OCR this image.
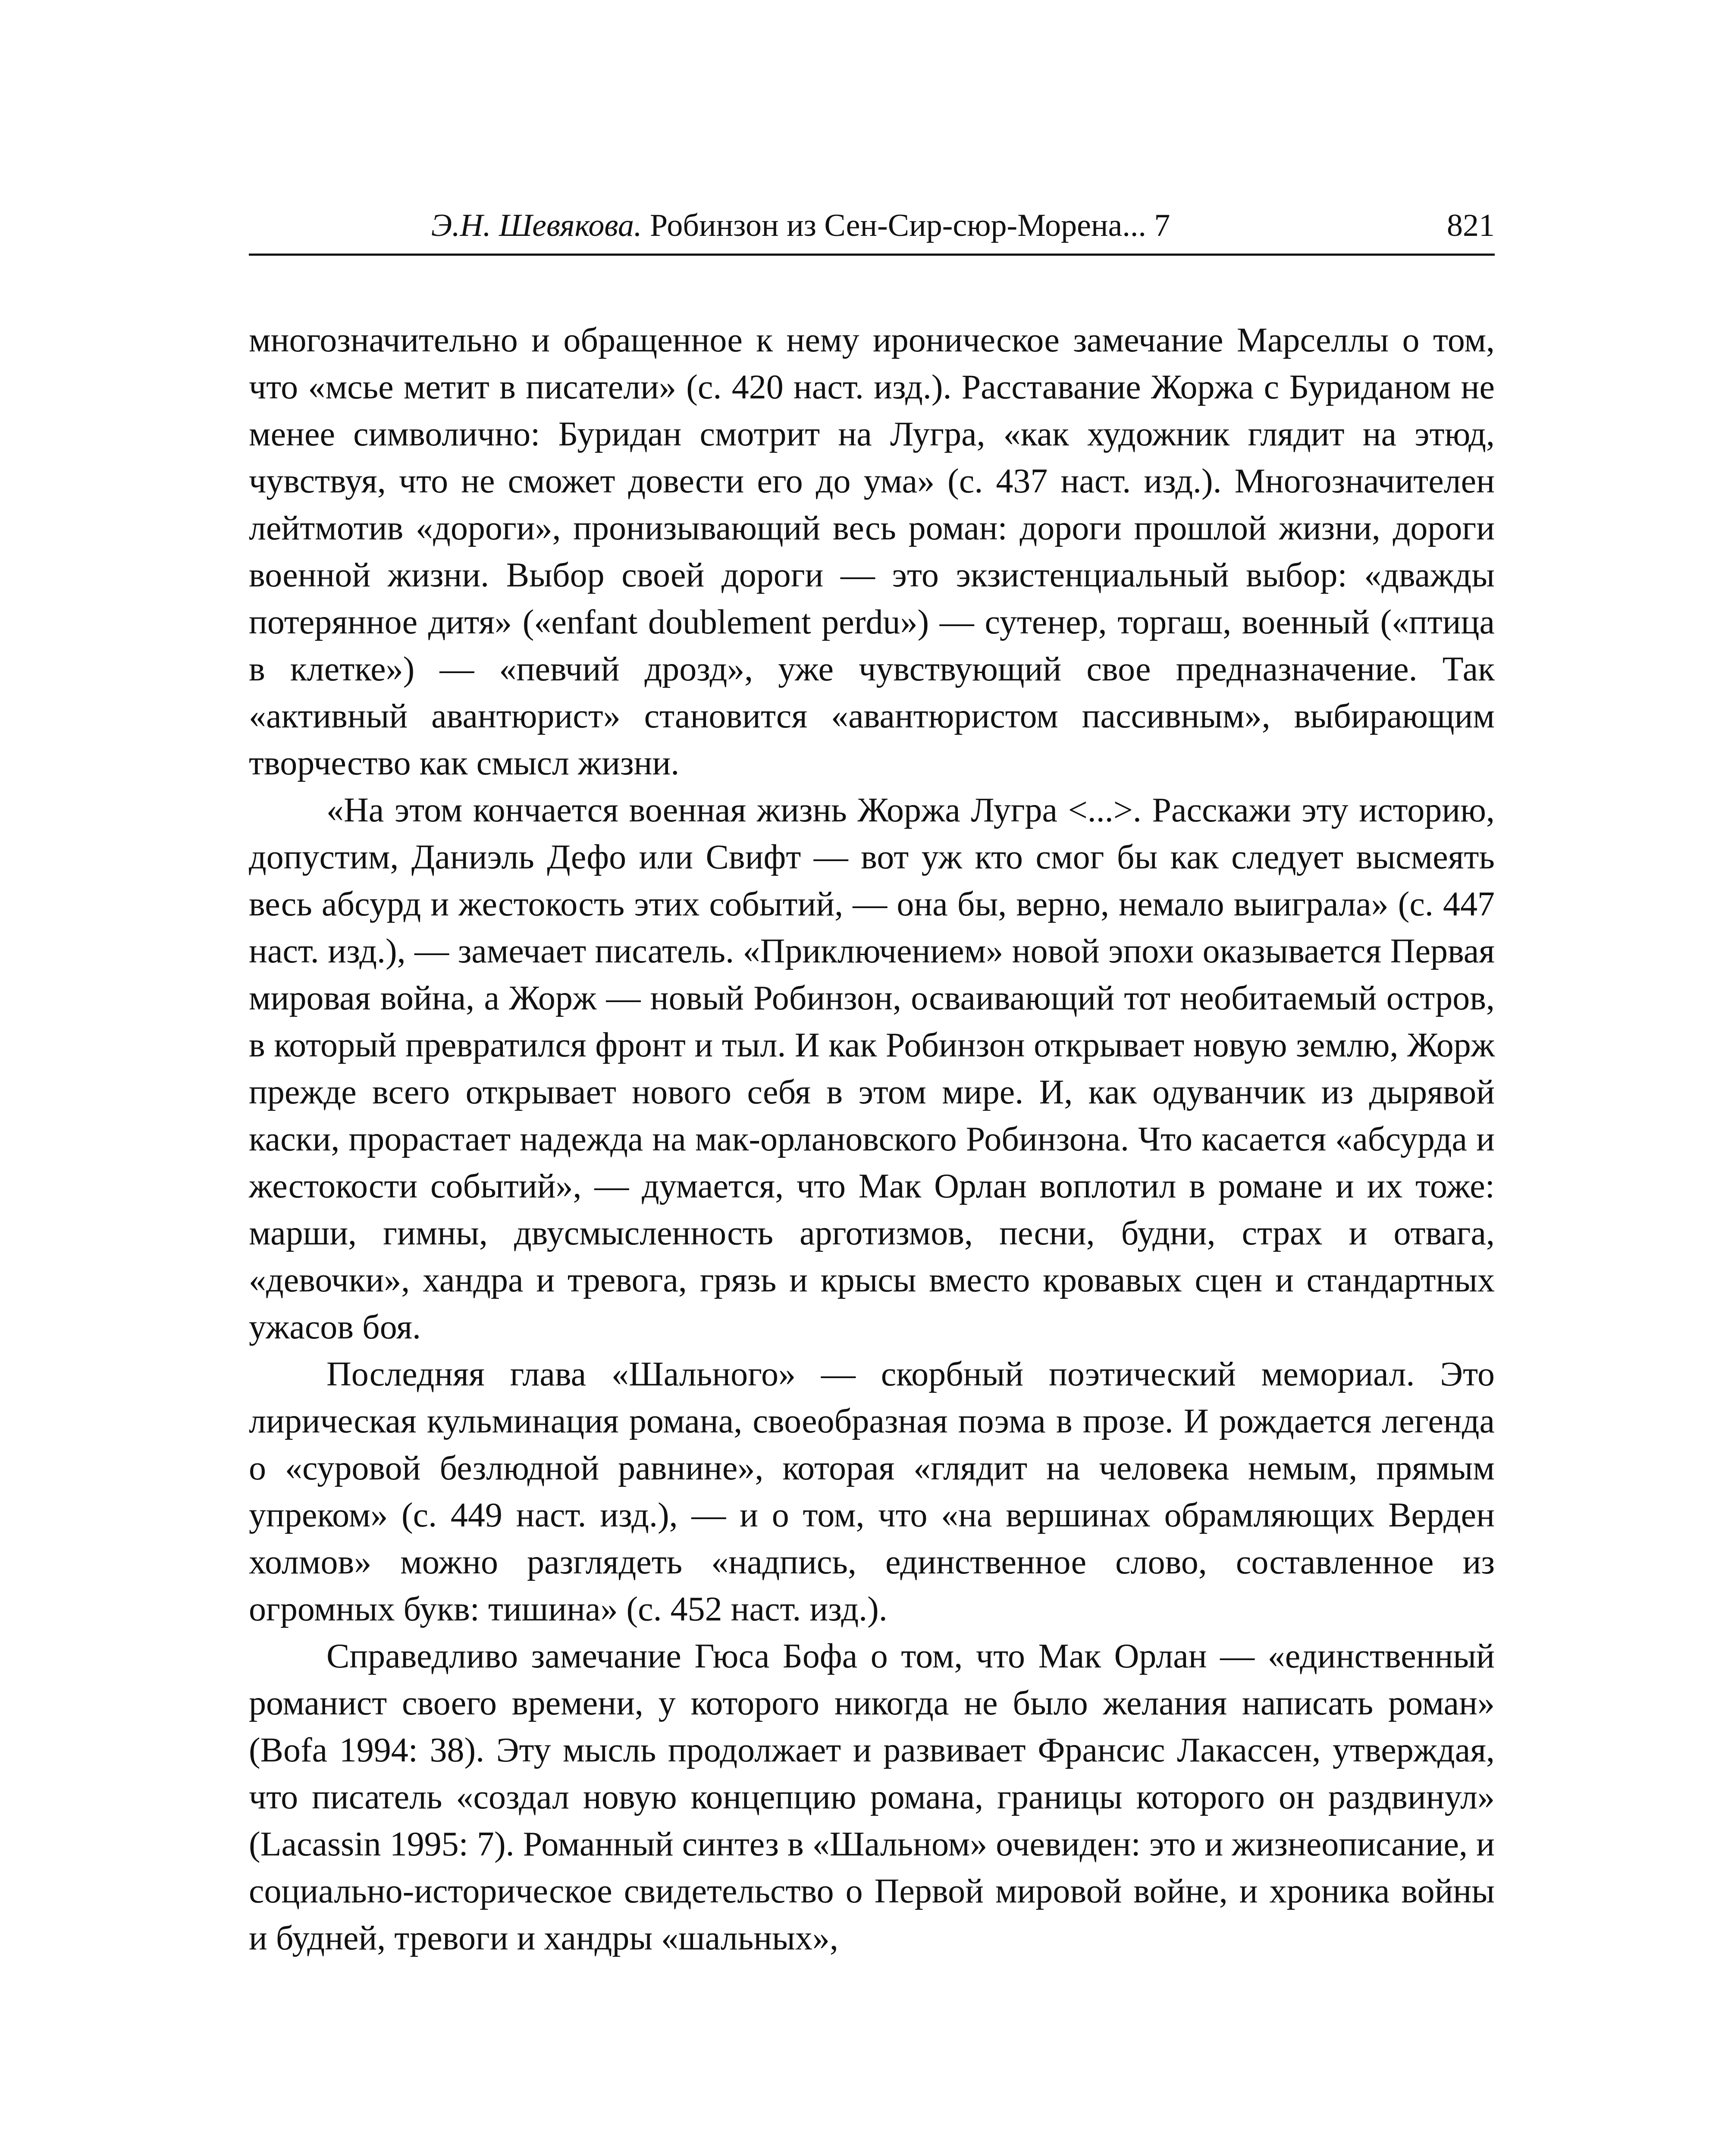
Э.Н. Шевякова. Робинзон из Сен-Сир-сюр-Морена... 7	821

многозначительно и обращенное к нему ироническое замечание Марселлы о том, что «мсье метит в писатели» (с. 420 наст. изд.). Расставание Жоржа с Буриданом не менее символично: Буридан смотрит на Лугра, «как художник глядит на этюд, чувствуя, что не сможет довести его до ума» (с. 437 наст. изд.). Многозначителен лейтмотив «дороги», пронизывающий весь роман: дороги прошлой жизни, дороги военной жизни. Выбор своей дороги — это экзистенциальный выбор: «дважды потерянное дитя» («enfant doublement perdu») — сутенер, торгаш, военный («птица в клетке») — «певчий дрозд», уже чувствующий свое предназначение. Так «активный авантюрист» становится «авантюристом пассивным», выбирающим творчество как смысл жизни.

«На этом кончается военная жизнь Жоржа Лугра <...>. Расскажи эту историю, допустим, Даниэль Дефо или Свифт — вот уж кто смог бы как следует высмеять весь абсурд и жестокость этих событий, — она бы, верно, немало выиграла» (с. 447 наст. изд.), — замечает писатель. «Приключением» новой эпохи оказывается Первая мировая война, а Жорж — новый Робинзон, осваивающий тот необитаемый остров, в который превратился фронт и тыл. И как Робинзон открывает новую землю, Жорж прежде всего открывает нового себя в этом мире. И, как одуванчик из дырявой каски, прорастает надежда на мак-орлановского Робинзона. Что касается «абсурда и жестокости событий», — думается, что Мак Орлан воплотил в романе и их тоже: марши, гимны, двусмысленность арготизмов, песни, будни, страх и отвага, «девочки», хандра и тревога, грязь и крысы вместо кровавых сцен и стандартных ужасов боя.

Последняя глава «Шального» — скорбный поэтический мемориал. Это лирическая кульминация романа, своеобразная поэма в прозе. И рождается легенда о «суровой безлюдной равнине», которая «глядит на человека немым, прямым упреком» (с. 449 наст. изд.), — и о том, что «на вершинах обрамляющих Верден холмов» можно разглядеть «надпись, единственное слово, составленное из огромных букв: тишина» (с. 452 наст. изд.).

Справедливо замечание Гюса Бофа о том, что Мак Орлан — «единственный романист своего времени, у которого никогда не было желания написать роман» (Bofa 1994: 38). Эту мысль продолжает и развивает Франсис Лакассен, утверждая, что писатель «создал новую концепцию романа, границы которого он раздвинул» (Lacassin 1995: 7). Романный синтез в «Шальном» очевиден: это и жизнеописание, и социально-историческое свидетельство о Первой мировой войне, и хроника войны и будней, тревоги и хандры «шальных»,
